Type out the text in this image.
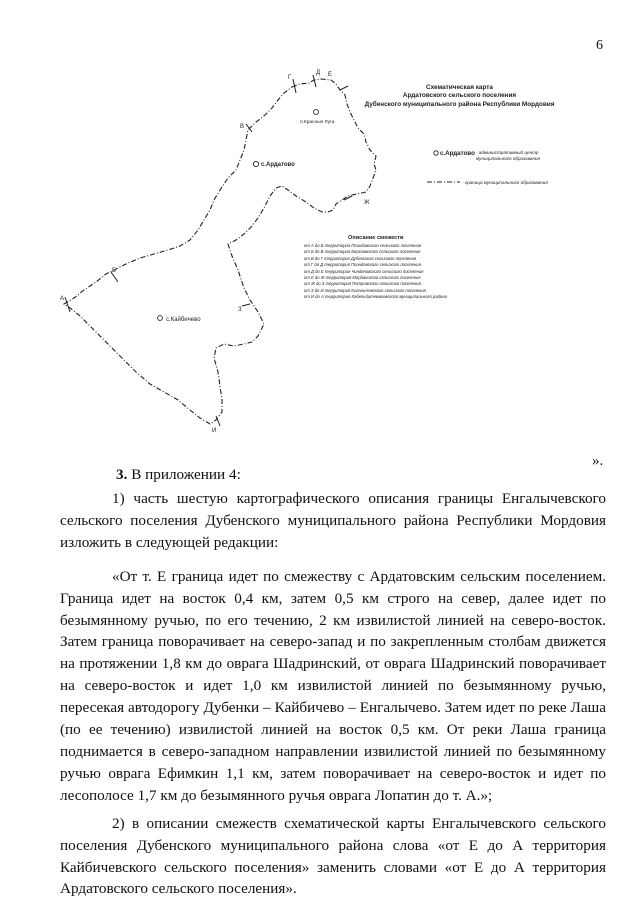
6
п.Красные Луга
с.Ардатово
с.Кайбичево
Г
Д Е
В
Ж
Б
А
З
И
Схематическая карта
Ардатовского сельского поселения
Дубенского муниципального района Республики Мордовия
с.Ардатово - административный центр муниципального образования
- граница муниципального образования
Описание смежеств
от А до Б территория Поиндовского сельского поселения
от Б до В территория Березовского сельского поселения
от В до Г территория Дубенского сельского поселения
от Г до Д территория Поиндовского сельского поселения
от Д до Е территория Чиндяновского сельского поселения
от Е до Ж территория Морданского сельского поселения
от Ж до З территория Петровского сельского поселения
от З до И территория Енгалычевского сельского поселения
от И до А территория Кабельдитемиковского муниципального района
».
3. В приложении 4:

1) часть шестую картографического описания границы Енгалычевского сельского поселения Дубенского муниципального района Республики Мордовия изложить в следующей редакции:

«От т. Е граница идет по смежеству с Ардатовским сельским поселением. Граница идет на восток 0,4 км, затем 0,5 км строго на север, далее идет по безымянному ручью, по его течению, 2 км извилистой линией на северо-восток. Затем граница поворачивает на северо-запад и по закрепленным столбам движется на протяжении 1,8 км до оврага Шадринский, от оврага Шадринский поворачивает на северо-восток и идет 1,0 км извилистой линией по безымянному ручью, пересекая автодорогу Дубенки – Кайбичево – Енгалычево. Затем идет по реке Лаша (по ее течению) извилистой линией на восток 0,5 км. От реки Лаша граница поднимается в северо-западном направлении извилистой линией по безымянному ручью оврага Ефимкин 1,1 км, затем поворачивает на северо-восток и идет по лесополосе 1,7 км до безымянного ручья оврага Лопатин до т. А.»;

2) в описании смежеств схематической карты Енгалычевского сельского поселения Дубенского муниципального района слова «от Е до А территория Кайбичевского сельского поселения» заменить словами «от Е до А территория Ардатовского сельского поселения».
